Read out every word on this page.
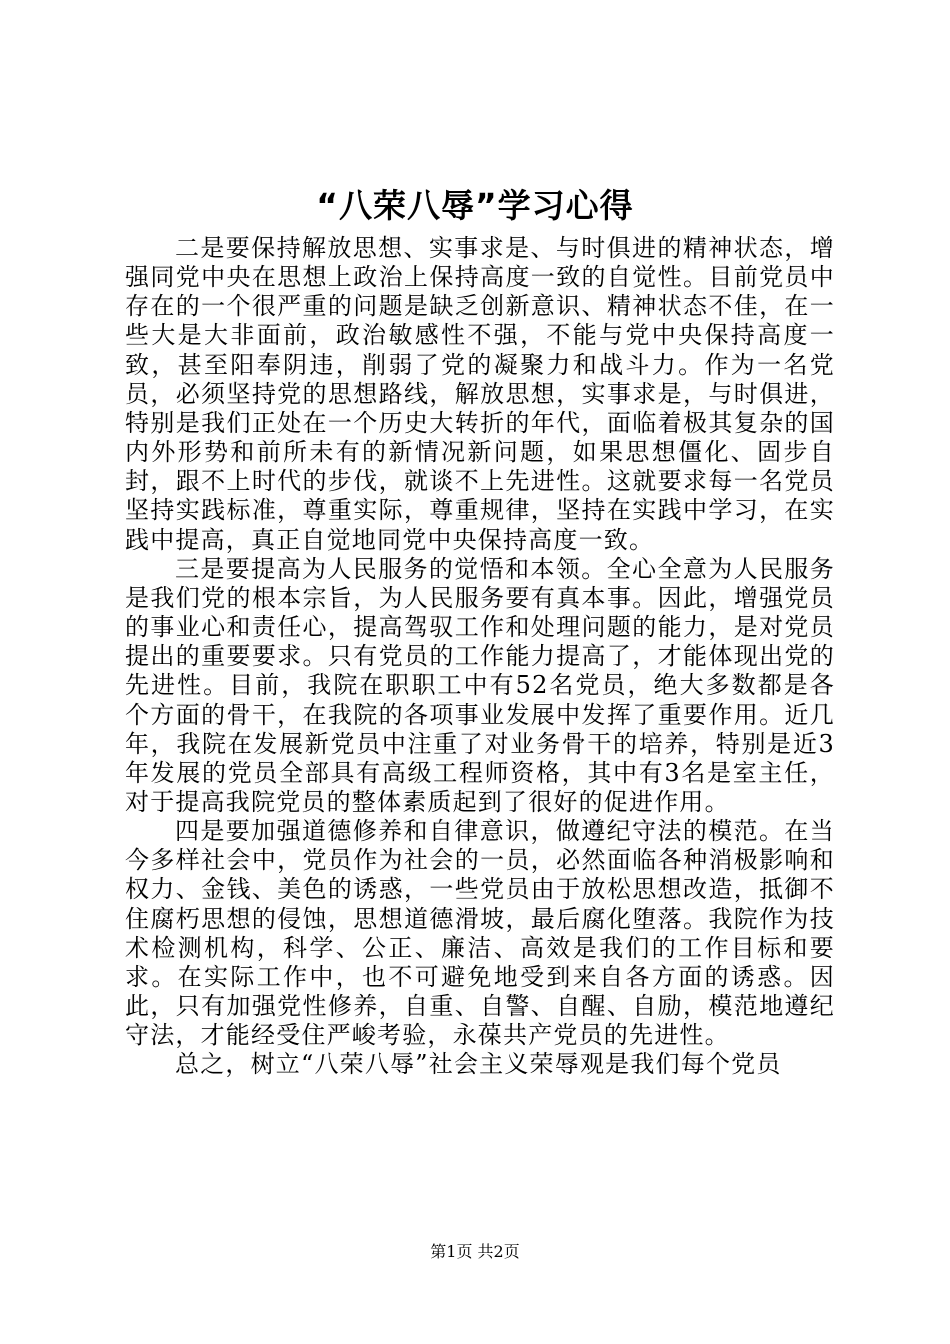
“八荣八辱”学习心得

二是要保持解放思想、实事求是、与时俱进的精神状态，增强同党中央在思想上政治上保持高度一致的自觉性。目前党员中存在的一个很严重的问题是缺乏创新意识、精神状态不佳，在一些大是大非面前，政治敏感性不强，不能与党中央保持高度一致，甚至阳奉阴违，削弱了党的凝聚力和战斗力。作为一名党员，必须坚持党的思想路线，解放思想，实事求是，与时俱进，特别是我们正处在一个历史大转折的年代，面临着极其复杂的国内外形势和前所未有的新情况新问题，如果思想僵化、固步自封，跟不上时代的步伐，就谈不上先进性。这就要求每一名党员坚持实践标准，尊重实际，尊重规律，坚持在实践中学习，在实践中提高，真正自觉地同党中央保持高度一致。

三是要提高为人民服务的觉悟和本领。全心全意为人民服务是我们党的根本宗旨，为人民服务要有真本事。因此，增强党员的事业心和责任心，提高驾驭工作和处理问题的能力，是对党员提出的重要要求。只有党员的工作能力提高了，才能体现出党的先进性。目前，我院在职职工中有52名党员，绝大多数都是各个方面的骨干，在我院的各项事业发展中发挥了重要作用。近几年，我院在发展新党员中注重了对业务骨干的培养，特别是近3年发展的党员全部具有高级工程师资格，其中有3名是室主任，对于提高我院党员的整体素质起到了很好的促进作用。

四是要加强道德修养和自律意识，做遵纪守法的模范。在当今多样社会中，党员作为社会的一员，必然面临各种消极影响和权力、金钱、美色的诱惑，一些党员由于放松思想改造，抵御不住腐朽思想的侵蚀，思想道德滑坡，最后腐化堕落。我院作为技术检测机构，科学、公正、廉洁、高效是我们的工作目标和要求。在实际工作中，也不可避免地受到来自各方面的诱惑。因此，只有加强党性修养，自重、自警、自醒、自励，模范地遵纪守法，才能经受住严峻考验，永葆共产党员的先进性。

总之，树立“八荣八辱”社会主义荣辱观是我们每个党员

第1页 共2页
